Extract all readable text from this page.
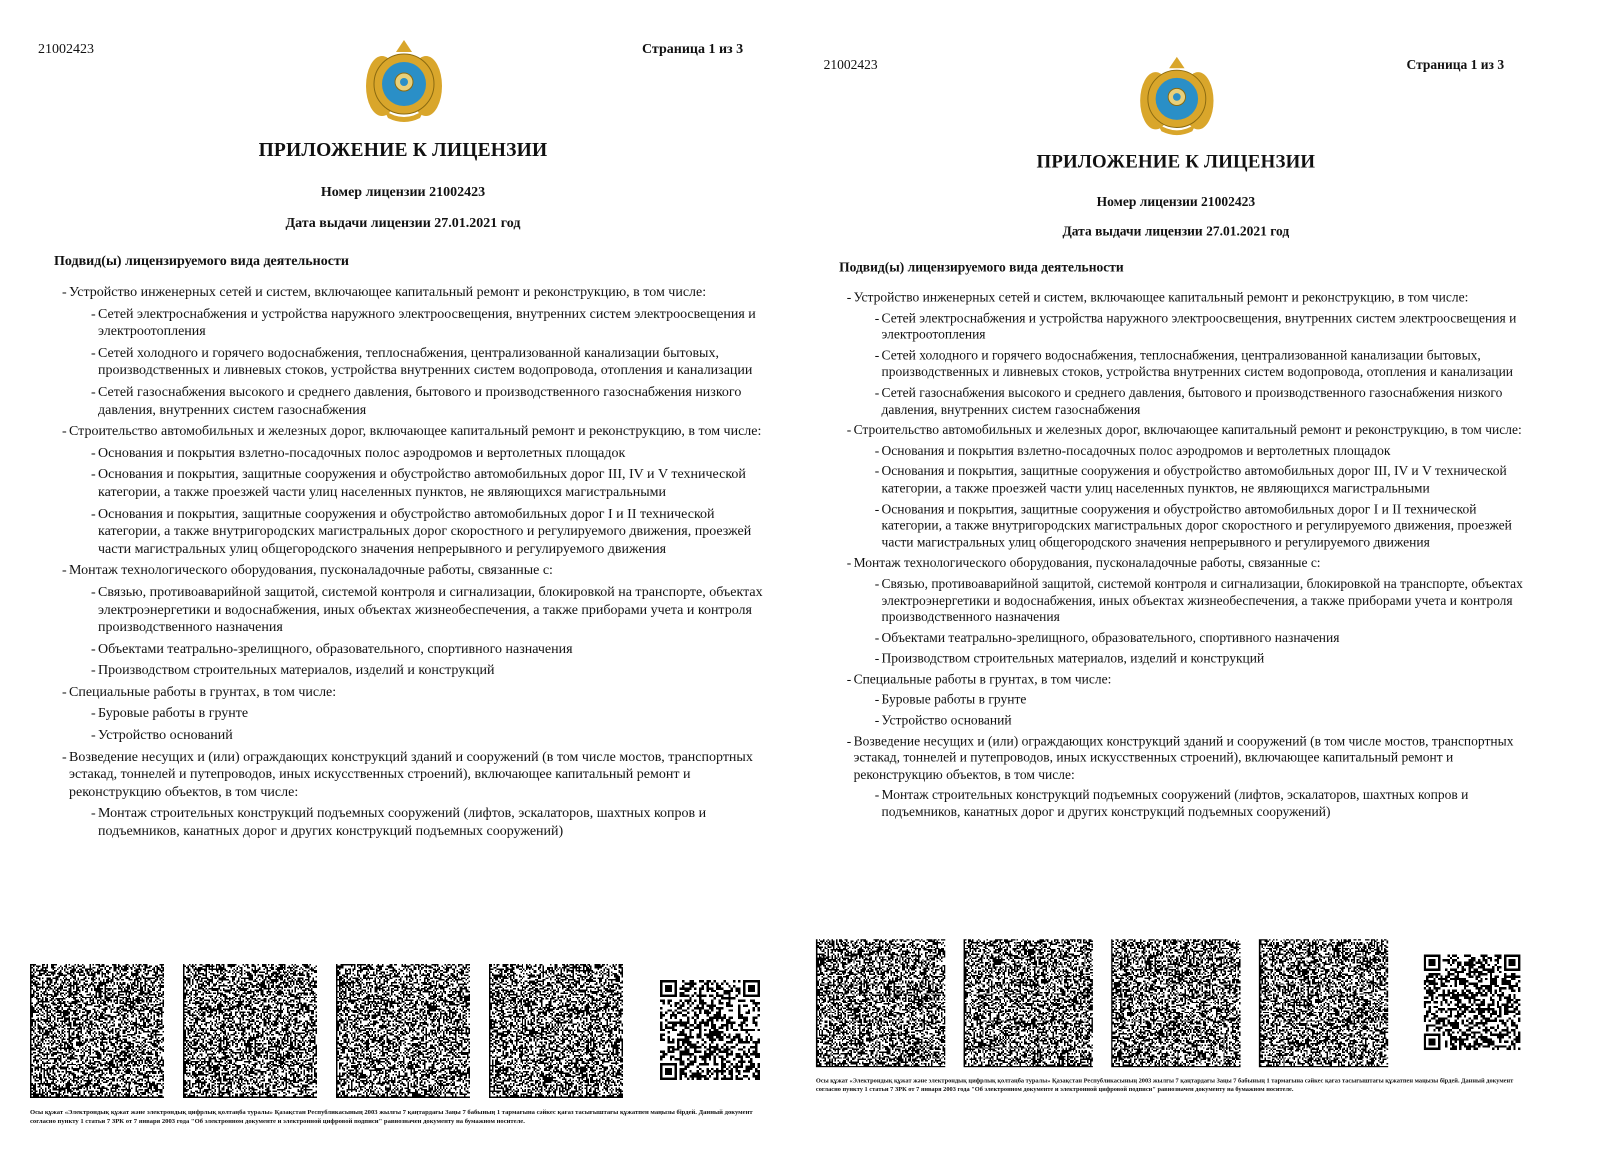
21002423	Страница 1 из 3
ПРИЛОЖЕНИЕ К ЛИЦЕНЗИИ
Номер лицензии 21002423
Дата выдачи лицензии 27.01.2021 год
Подвид(ы) лицензируемого вида деятельности
- Устройство инженерных сетей и систем, включающее капитальный ремонт и реконструкцию, в том числе:
- Сетей электроснабжения и устройства наружного электроосвещения, внутренних систем электроосвещения и электроотопления
- Сетей холодного и горячего водоснабжения, теплоснабжения, централизованной канализации бытовых, производственных и ливневых стоков, устройства внутренних систем водопровода, отопления и канализации
- Сетей газоснабжения высокого и среднего давления, бытового и производственного газоснабжения низкого давления, внутренних систем газоснабжения
- Строительство автомобильных и железных дорог, включающее капитальный ремонт и реконструкцию, в том числе:
- Основания и покрытия взлетно-посадочных полос аэродромов и вертолетных площадок
- Основания и покрытия, защитные сооружения и обустройство автомобильных дорог III, IV и V технической категории, а также проезжей части улиц населенных пунктов, не являющихся магистральными
- Основания и покрытия, защитные сооружения и обустройство автомобильных дорог I и II технической категории, а также внутригородских магистральных дорог скоростного и регулируемого движения, проезжей части магистральных улиц общегородского значения непрерывного и регулируемого движения
- Монтаж технологического оборудования, пусконаладочные работы, связанные с:
- Связью, противоаварийной защитой, системой контроля и сигнализации, блокировкой на транспорте, объектах электроэнергетики и водоснабжения, иных объектах жизнеобеспечения, а также приборами учета и контроля производственного назначения
- Объектами театрально-зрелищного, образовательного, спортивного назначения
- Производством строительных материалов, изделий и конструкций
- Специальные работы в грунтах, в том числе:
- Буровые работы в грунте
- Устройство оснований
- Возведение несущих и (или) ограждающих конструкций зданий и сооружений (в том числе мостов, транспортных эстакад, тоннелей и путепроводов, иных искусственных строений), включающее капитальный ремонт и реконструкцию объектов, в том числе:
- Монтаж строительных конструкций подъемных сооружений (лифтов, эскалаторов, шахтных копров и подъемников, канатных дорог и других конструкций подъемных сооружений)
Осы құжат «Электрондық құжат және электрондық цифрлық қолтаңба туралы» Қазақстан Республикасының 2003 жылғы 7 қаңтардағы Заңы 7 бабының 1 тармағына сәйкес қағаз тасығыштағы құжатпен маңызы бірдей. Данный документ согласно пункту 1 статьи 7 ЗРК от 7 января 2003 года "Об электронном документе и электронной цифровой подписи" равнозначен документу на бумажном носителе.
21002423	Страница 1 из 3
ПРИЛОЖЕНИЕ К ЛИЦЕНЗИИ
Номер лицензии 21002423
Дата выдачи лицензии 27.01.2021 год
Подвид(ы) лицензируемого вида деятельности
- Устройство инженерных сетей и систем, включающее капитальный ремонт и реконструкцию, в том числе:
- Сетей электроснабжения и устройства наружного электроосвещения, внутренних систем электроосвещения и электроотопления
- Сетей холодного и горячего водоснабжения, теплоснабжения, централизованной канализации бытовых, производственных и ливневых стоков, устройства внутренних систем водопровода, отопления и канализации
- Сетей газоснабжения высокого и среднего давления, бытового и производственного газоснабжения низкого давления, внутренних систем газоснабжения
- Строительство автомобильных и железных дорог, включающее капитальный ремонт и реконструкцию, в том числе:
- Основания и покрытия взлетно-посадочных полос аэродромов и вертолетных площадок
- Основания и покрытия, защитные сооружения и обустройство автомобильных дорог III, IV и V технической категории, а также проезжей части улиц населенных пунктов, не являющихся магистральными
- Основания и покрытия, защитные сооружения и обустройство автомобильных дорог I и II технической категории, а также внутригородских магистральных дорог скоростного и регулируемого движения, проезжей части магистральных улиц общегородского значения непрерывного и регулируемого движения
- Монтаж технологического оборудования, пусконаладочные работы, связанные с:
- Связью, противоаварийной защитой, системой контроля и сигнализации, блокировкой на транспорте, объектах электроэнергетики и водоснабжения, иных объектах жизнеобеспечения, а также приборами учета и контроля производственного назначения
- Объектами театрально-зрелищного, образовательного, спортивного назначения
- Производством строительных материалов, изделий и конструкций
- Специальные работы в грунтах, в том числе:
- Буровые работы в грунте
- Устройство оснований
- Возведение несущих и (или) ограждающих конструкций зданий и сооружений (в том числе мостов, транспортных эстакад, тоннелей и путепроводов, иных искусственных строений), включающее капитальный ремонт и реконструкцию объектов, в том числе:
- Монтаж строительных конструкций подъемных сооружений (лифтов, эскалаторов, шахтных копров и подъемников, канатных дорог и других конструкций подъемных сооружений)
Осы құжат «Электрондық құжат және электрондық цифрлық қолтаңба туралы» Қазақстан Республикасының 2003 жылғы 7 қаңтардағы Заңы 7 бабының 1 тармағына сәйкес қағаз тасығыштағы құжатпен маңызы бірдей. Данный документ согласно пункту 1 статьи 7 ЗРК от 7 января 2003 года "Об электронном документе и электронной цифровой подписи" равнозначен документу на бумажном носителе.
